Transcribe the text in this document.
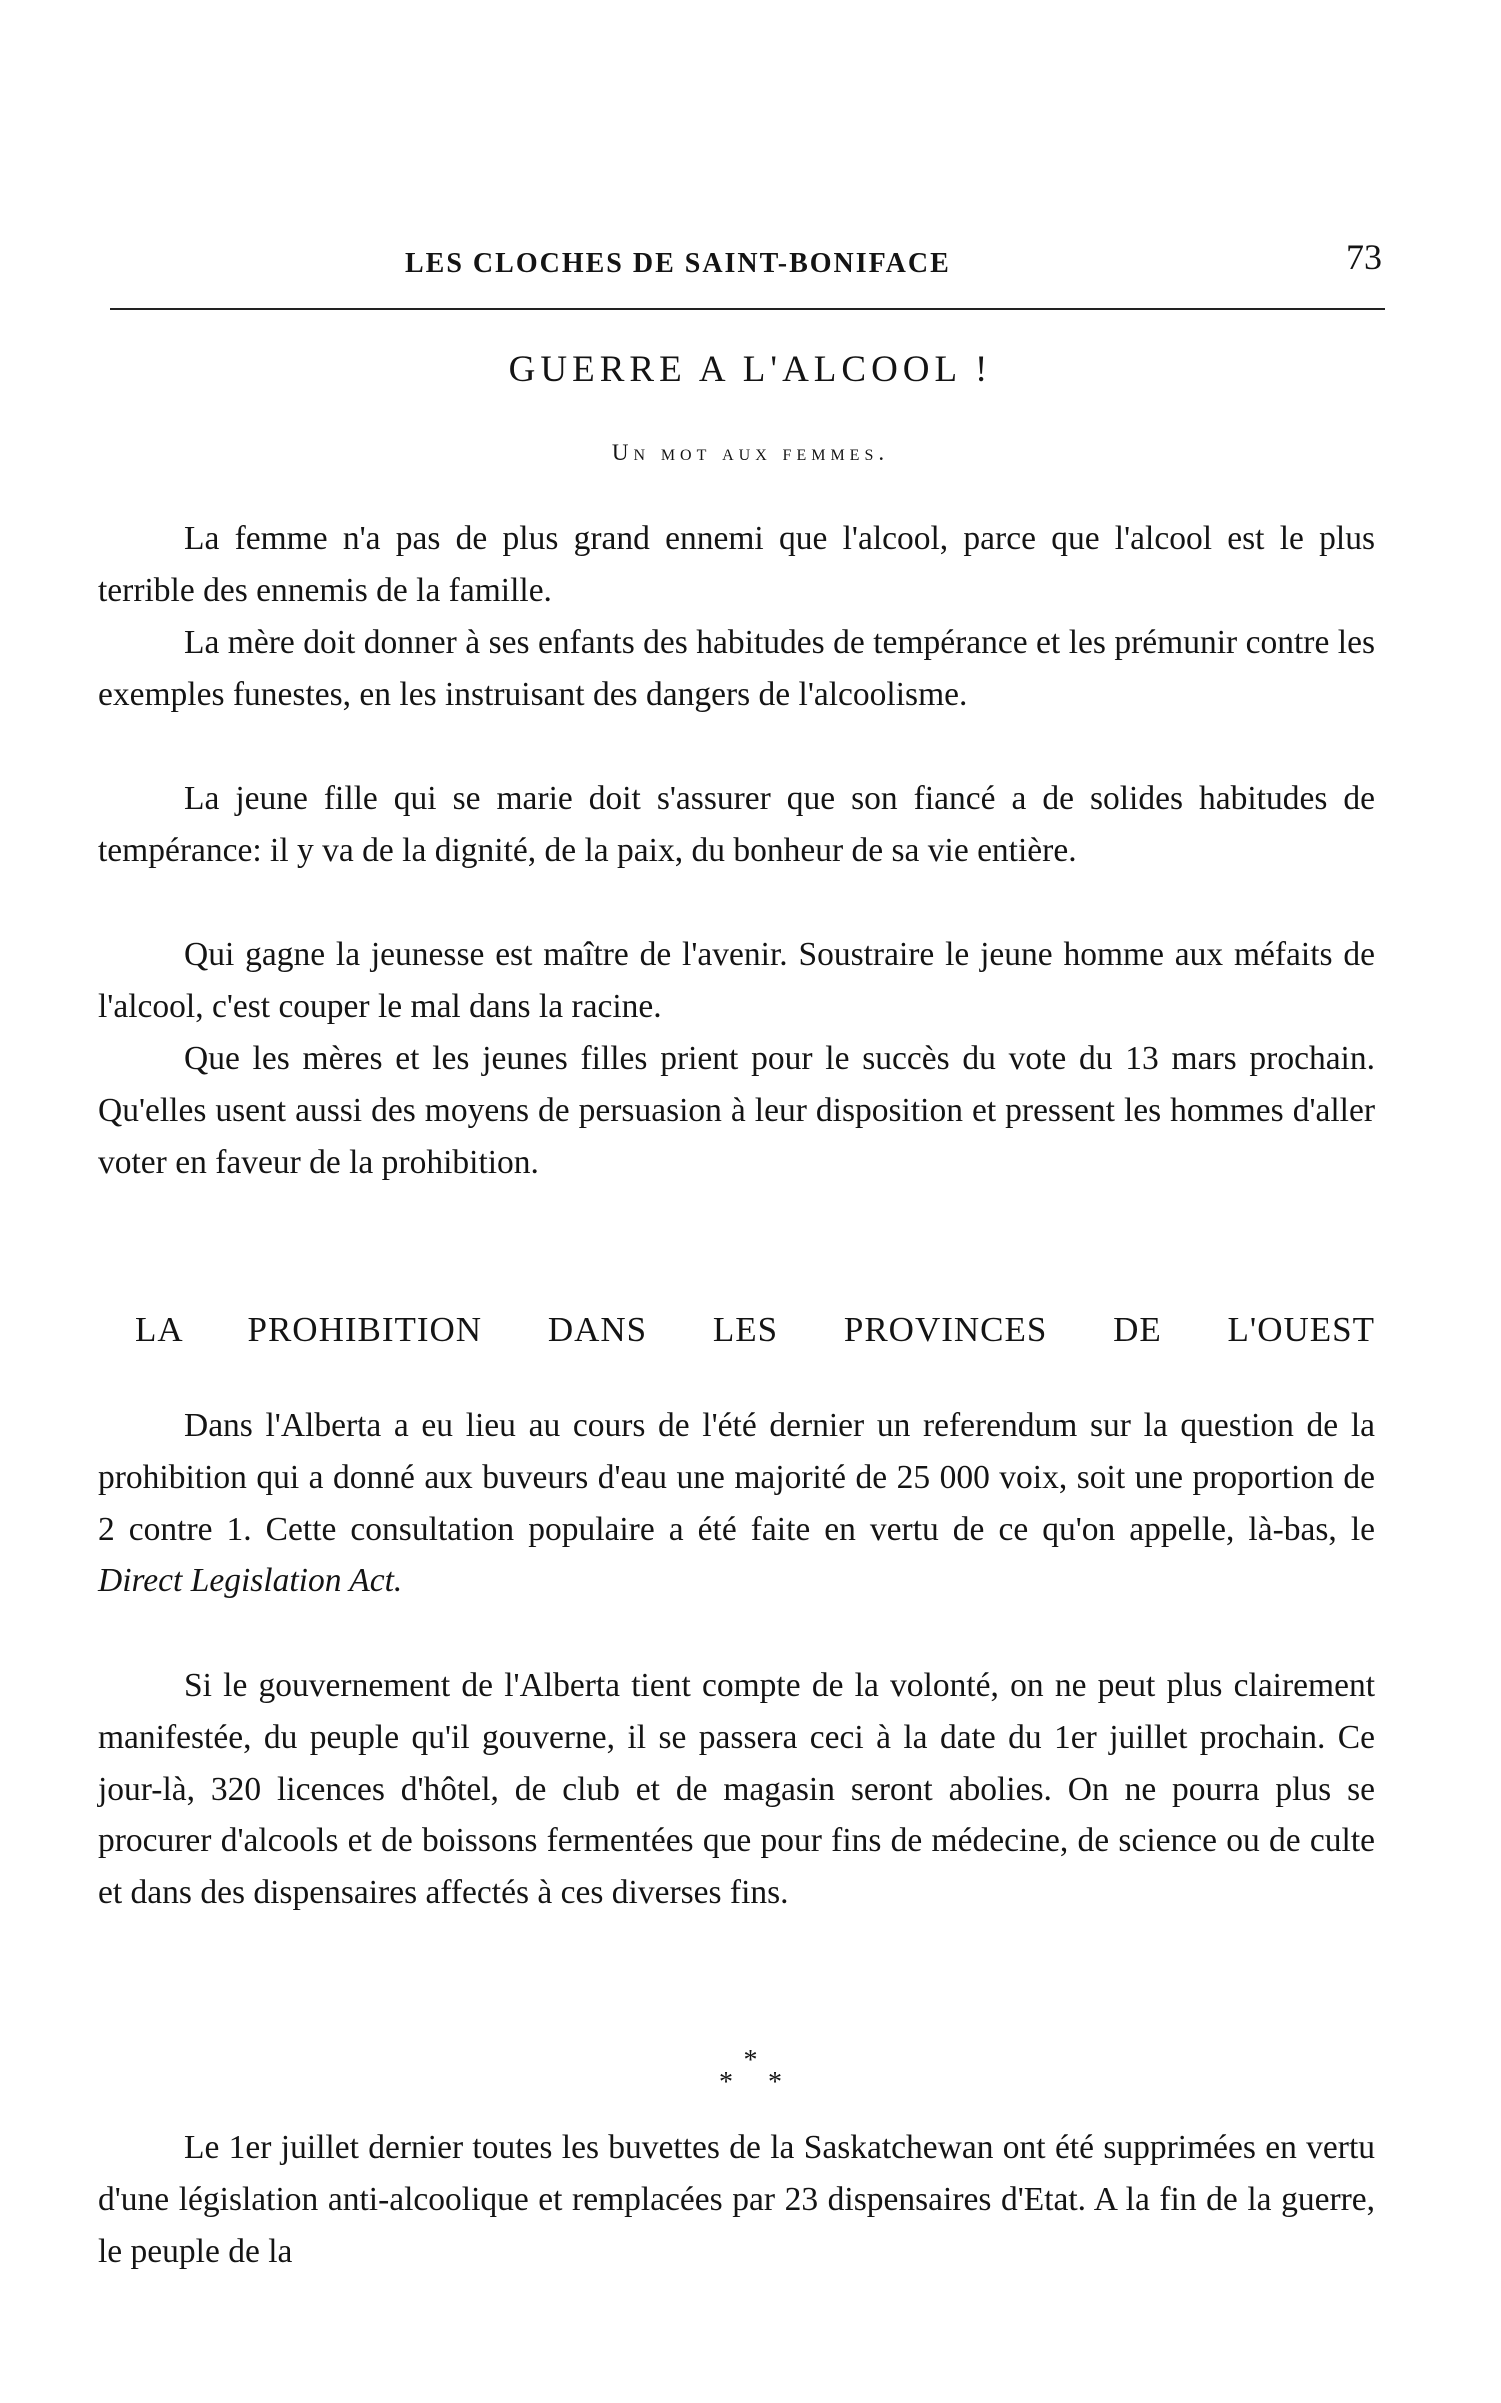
LES CLOCHES DE SAINT-BONIFACE	73
GUERRE A L'ALCOOL !
Un mot aux femmes.

La femme n'a pas de plus grand ennemi que l'alcool, parce que l'alcool est le plus terrible des ennemis de la famille.

La mère doit donner à ses enfants des habitudes de tempérance et les prémunir contre les exemples funestes, en les instruisant des dangers de l'alcoolisme.

La jeune fille qui se marie doit s'assurer que son fiancé a de solides habitudes de tempérance: il y va de la dignité, de la paix, du bonheur de sa vie entière.

Qui gagne la jeunesse est maître de l'avenir. Soustraire le jeune homme aux méfaits de l'alcool, c'est couper le mal dans la racine.

Que les mères et les jeunes filles prient pour le succès du vote du 13 mars prochain. Qu'elles usent aussi des moyens de persuasion à leur disposition et pressent les hommes d'aller voter en faveur de la prohibition.

LA PROHIBITION DANS LES PROVINCES DE L'OUEST

Dans l'Alberta a eu lieu au cours de l'été dernier un referendum sur la question de la prohibition qui a donné aux buveurs d'eau une majorité de 25 000 voix, soit une proportion de 2 contre 1. Cette consultation populaire a été faite en vertu de ce qu'on appelle, là-bas, le Direct Legislation Act.

Si le gouvernement de l'Alberta tient compte de la volonté, on ne peut plus clairement manifestée, du peuple qu'il gouverne, il se passera ceci à la date du 1er juillet prochain. Ce jour-là, 320 licences d'hôtel, de club et de magasin seront abolies. On ne pourra plus se procurer d'alcools et de boissons fermentées que pour fins de médecine, de science ou de culte et dans des dispensaires affectés à ces diverses fins.

*
* *

Le 1er juillet dernier toutes les buvettes de la Saskatchewan ont été supprimées en vertu d'une législation anti-alcoolique et remplacées par 23 dispensaires d'Etat. A la fin de la guerre, le peuple de la
